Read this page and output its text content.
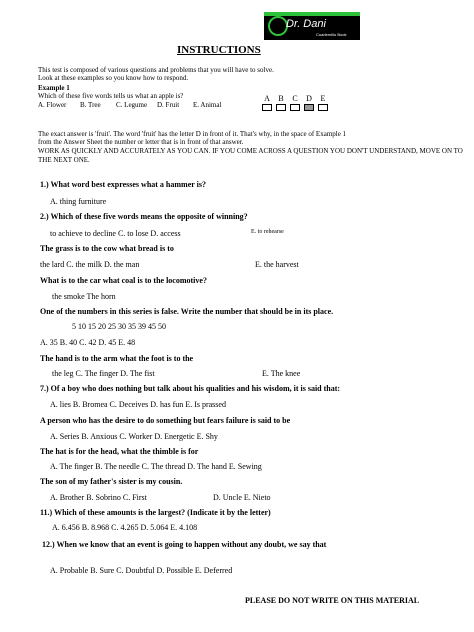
Dr. Dani
Cuadernillo Book
INSTRUCTIONS
This test is composed of various questions and problems that you will have to solve.
Look at these examples so you know how to respond.
Example 1
Which of these five words tells us what an apple is?
A. Flower B. Tree C. Legume D. Fruit E. Animal
A B C D	E
The exact answer is 'fruit'. The word 'fruit' has the letter D in front of it. That's why, in the space of Example 1
from the Answer Sheet the number or letter that is in front of that answer.
WORK AS QUICKLY AND ACCURATELY AS YOU CAN. IF YOU COME ACROSS A QUESTION YOU DON'T UNDERSTAND, MOVE ON TO
THE NEXT ONE.
1.) What word best expresses what a hammer is?
A. thing furniture
2.) Which of these five words means the opposite of winning?
to achieve to decline C. to lose D. access	E. to rehearse
The grass is to the cow what bread is to
the lard C. the milk D. the man	E. the harvest
What is to the car what coal is to the locomotive?
the smoke The horn
One of the numbers in this series is false. Write the number that should be in its place.
5 10 15 20 25 30 35 39 45 50
A. 35 B. 40 C. 42 D. 45 E. 48
The hand is to the arm what the foot is to the
the leg C. The finger D. The fist	E. The knee
7.) Of a boy who does nothing but talk about his qualities and his wisdom, it is said that:
A. lies B. Bromea C. Deceives D. has fun E. Is prassed
A person who has the desire to do something but fears failure is said to be
A. Series B. Anxious C. Worker D. Energetic E. Shy
The hat is for the head, what the thimble is for
A. The finger B. The needle C. The thread D. The hand E. Sewing
The son of my father's sister is my cousin.
A. Brother B. Sobrino C. First	D. Uncle E. Nieto
11.) Which of these amounts is the largest? (Indicate it by the letter)
A. 6.456 B. 8.968 C. 4.265 D. 5.064 E. 4.108
12.) When we know that an event is going to happen without any doubt, we say that
A. Probable B. Sure C. Doubtful D. Possible E. Deferred
PLEASE DO NOT WRITE ON THIS MATERIAL
